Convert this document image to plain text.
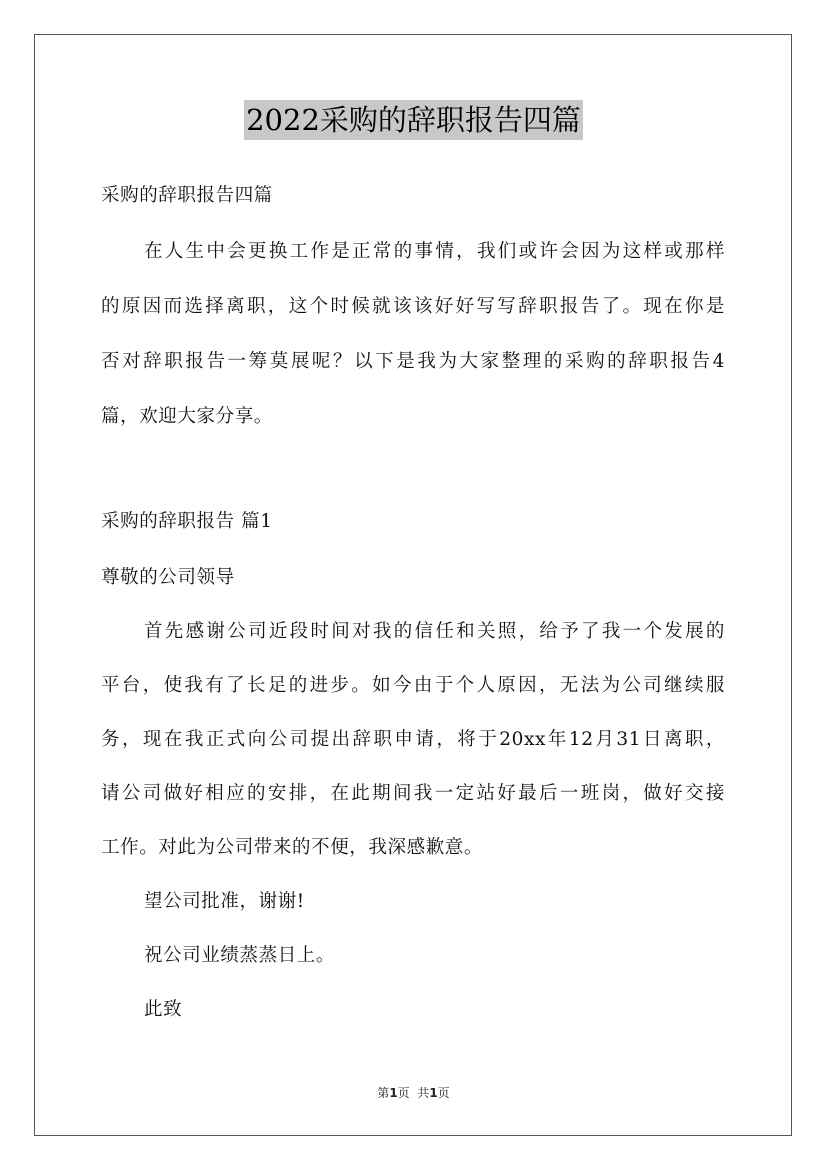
2022采购的辞职报告四篇
采购的辞职报告四篇
在人生中会更换工作是正常的事情，我们或许会因为这样或那样
的原因而选择离职，这个时候就该该好好写写辞职报告了。现在你是
否对辞职报告一筹莫展呢？以下是我为大家整理的采购的辞职报告4
篇，欢迎大家分享。
采购的辞职报告 篇1
尊敬的公司领导
首先感谢公司近段时间对我的信任和关照，给予了我一个发展的
平台，使我有了长足的进步。如今由于个人原因，无法为公司继续服
务，现在我正式向公司提出辞职申请，将于20xx年12月31日离职，
请公司做好相应的安排，在此期间我一定站好最后一班岗，做好交接
工作。对此为公司带来的不便，我深感歉意。
望公司批准，谢谢!
祝公司业绩蒸蒸日上。
此致
第1页  共1页
